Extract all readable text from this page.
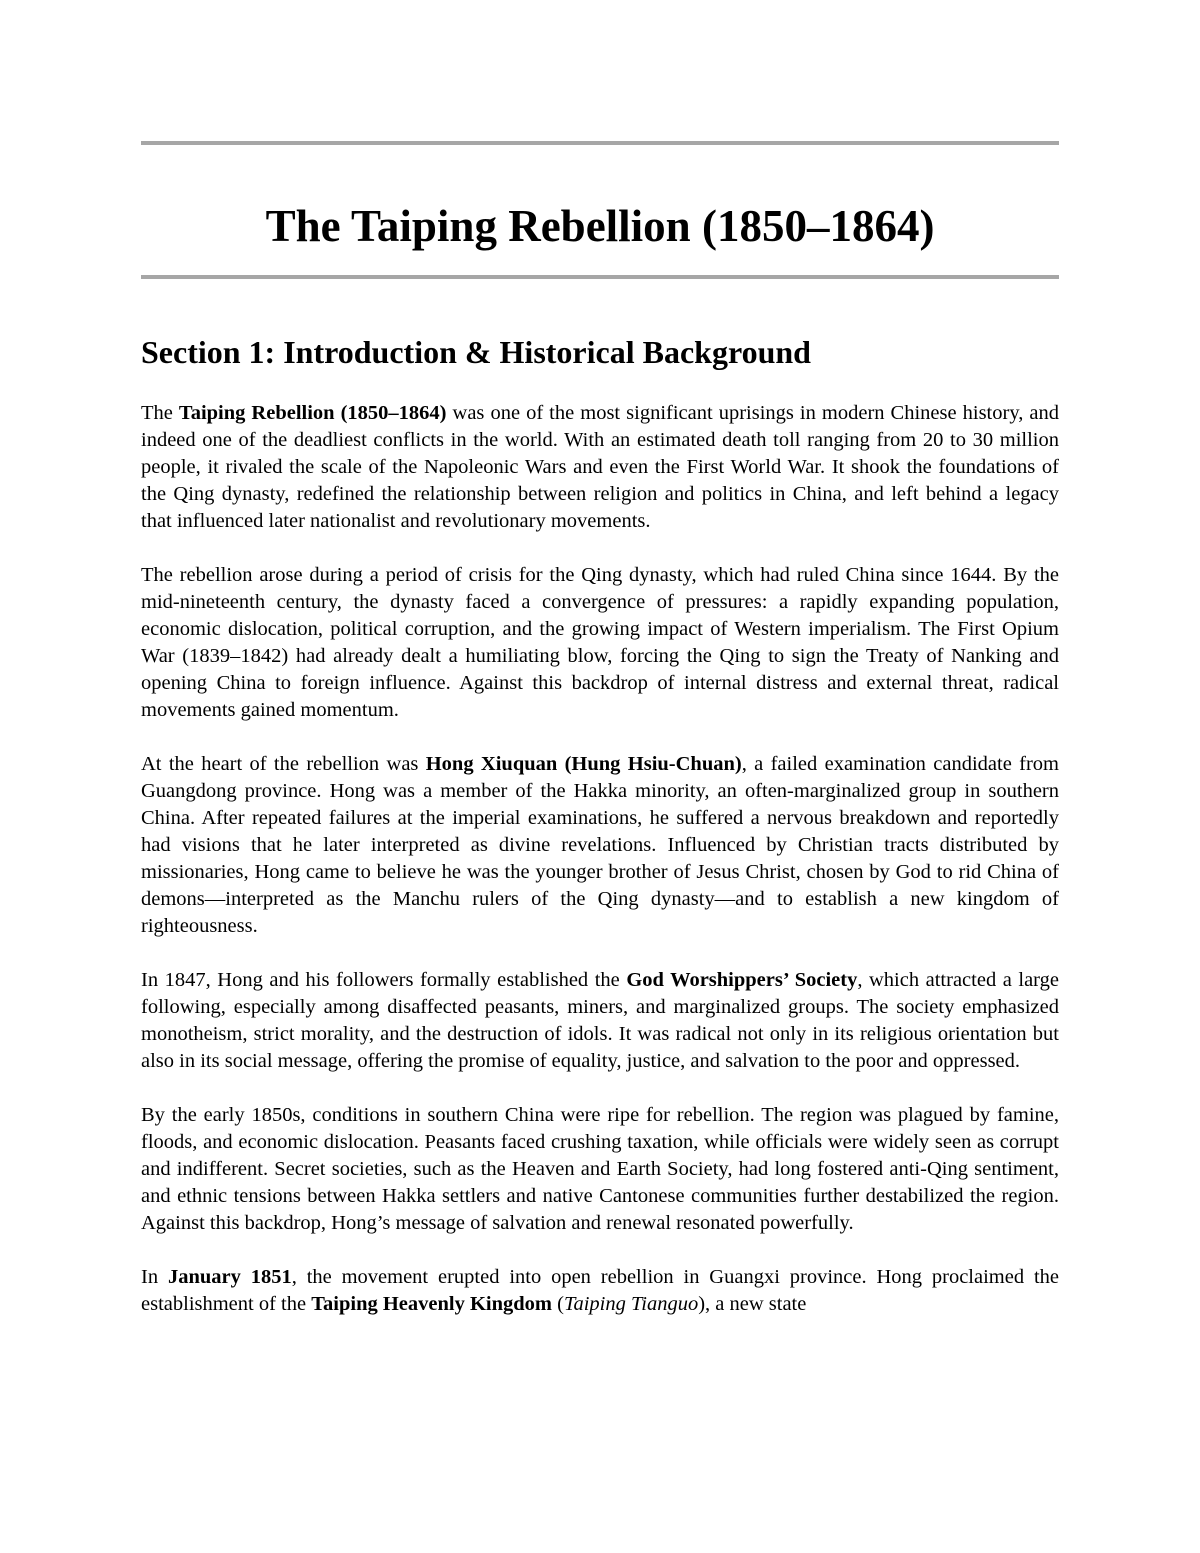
The Taiping Rebellion (1850–1864)
Section 1: Introduction & Historical Background

The Taiping Rebellion (1850–1864) was one of the most significant uprisings in modern Chinese history, and indeed one of the deadliest conflicts in the world. With an estimated death toll ranging from 20 to 30 million people, it rivaled the scale of the Napoleonic Wars and even the First World War. It shook the foundations of the Qing dynasty, redefined the relationship between religion and politics in China, and left behind a legacy that influenced later nationalist and revolutionary movements.

The rebellion arose during a period of crisis for the Qing dynasty, which had ruled China since 1644. By the mid-nineteenth century, the dynasty faced a convergence of pressures: a rapidly expanding population, economic dislocation, political corruption, and the growing impact of Western imperialism. The First Opium War (1839–1842) had already dealt a humiliating blow, forcing the Qing to sign the Treaty of Nanking and opening China to foreign influence. Against this backdrop of internal distress and external threat, radical movements gained momentum.

At the heart of the rebellion was Hong Xiuquan (Hung Hsiu-Chuan), a failed examination candidate from Guangdong province. Hong was a member of the Hakka minority, an often-marginalized group in southern China. After repeated failures at the imperial examinations, he suffered a nervous breakdown and reportedly had visions that he later interpreted as divine revelations. Influenced by Christian tracts distributed by missionaries, Hong came to believe he was the younger brother of Jesus Christ, chosen by God to rid China of demons—interpreted as the Manchu rulers of the Qing dynasty—and to establish a new kingdom of righteousness.

In 1847, Hong and his followers formally established the God Worshippers’ Society, which attracted a large following, especially among disaffected peasants, miners, and marginalized groups. The society emphasized monotheism, strict morality, and the destruction of idols. It was radical not only in its religious orientation but also in its social message, offering the promise of equality, justice, and salvation to the poor and oppressed.

By the early 1850s, conditions in southern China were ripe for rebellion. The region was plagued by famine, floods, and economic dislocation. Peasants faced crushing taxation, while officials were widely seen as corrupt and indifferent. Secret societies, such as the Heaven and Earth Society, had long fostered anti-Qing sentiment, and ethnic tensions between Hakka settlers and native Cantonese communities further destabilized the region. Against this backdrop, Hong’s message of salvation and renewal resonated powerfully.

In January 1851, the movement erupted into open rebellion in Guangxi province. Hong proclaimed the establishment of the Taiping Heavenly Kingdom (Taiping Tianguo), a new state
